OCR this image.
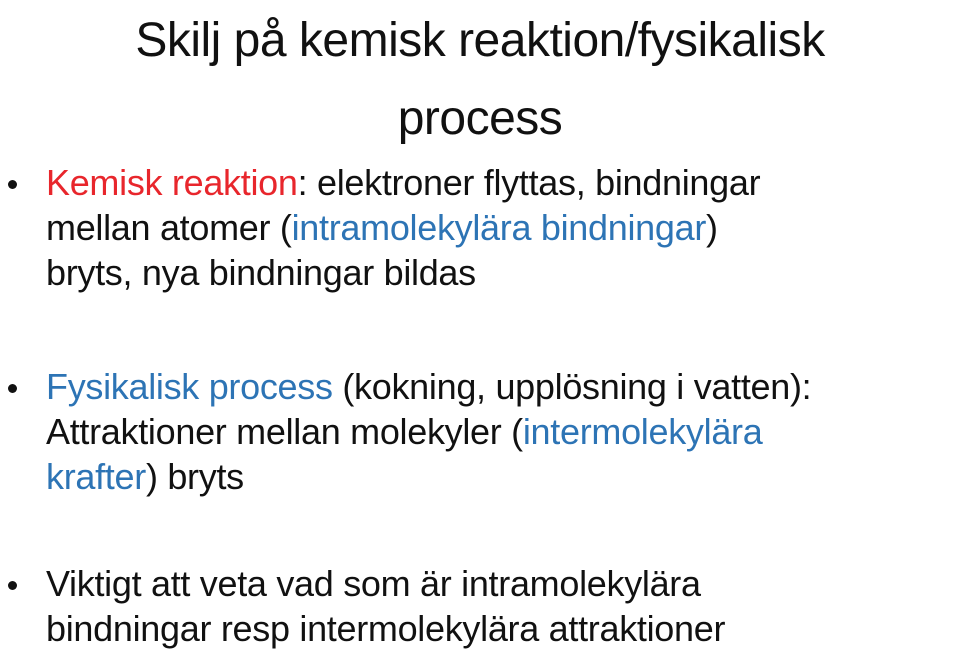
Skilj på kemisk reaktion/fysikalisk
process
Kemisk reaktion: elektroner flyttas, bindningar
mellan atomer (intramolekylära bindningar)
bryts, nya bindningar bildas
Fysikalisk process (kokning, upplösning i vatten):
Attraktioner mellan molekyler (intermolekylära
krafter) bryts
Viktigt att veta vad som är intramolekylära
bindningar resp intermolekylära attraktioner
